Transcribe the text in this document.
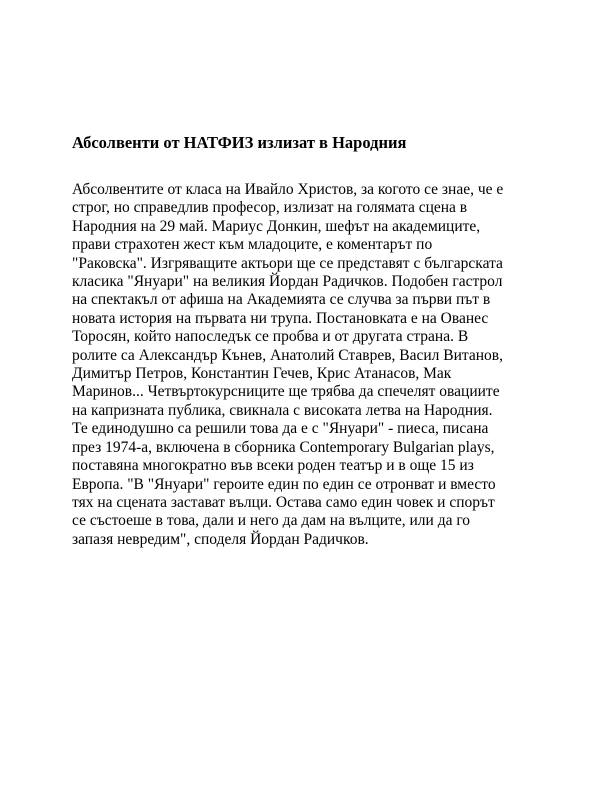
Абсолвенти от НАТФИЗ излизат в Народния
Абсолвентите от класа на Ивайло Христов, за когото се знае, че е
строг, но справедлив професор, излизат на голямата сцена в
Народния на 29 май. Мариус Донкин, шефът на академиците,
прави страхотен жест към младоците, е коментарът по
"Раковска". Изгряващите актьори ще се представят с българската
класика "Януари" на великия Йордан Радичков. Подобен гастрол
на спектакъл от афиша на Академията се случва за първи път в
новата история на първата ни трупа. Постановката е на Ованес
Торосян, който напоследък се пробва и от другата страна. В
ролите са Александър Кънев, Анатолий Ставрев, Васил Витанов,
Димитър Петров, Константин Гечев, Крис Атанасов, Мак
Маринов... Четвъртокурсниците ще трябва да спечелят овациите
на капризната публика, свикнала с високата летва на Народния.
Те единодушно са решили това да е с "Януари" - пиеса, писана
през 1974-а, включена в сборника Contemporary Bulgarian plays,
поставяна многократно във всеки роден театър и в още 15 из
Европа. "В "Януари" героите един по един се отронват и вместо
тях на сцената застават вълци. Остава само един човек и спорът
се състоеше в това, дали и него да дам на вълците, или да го
запазя невредим", споделя Йордан Радичков.
